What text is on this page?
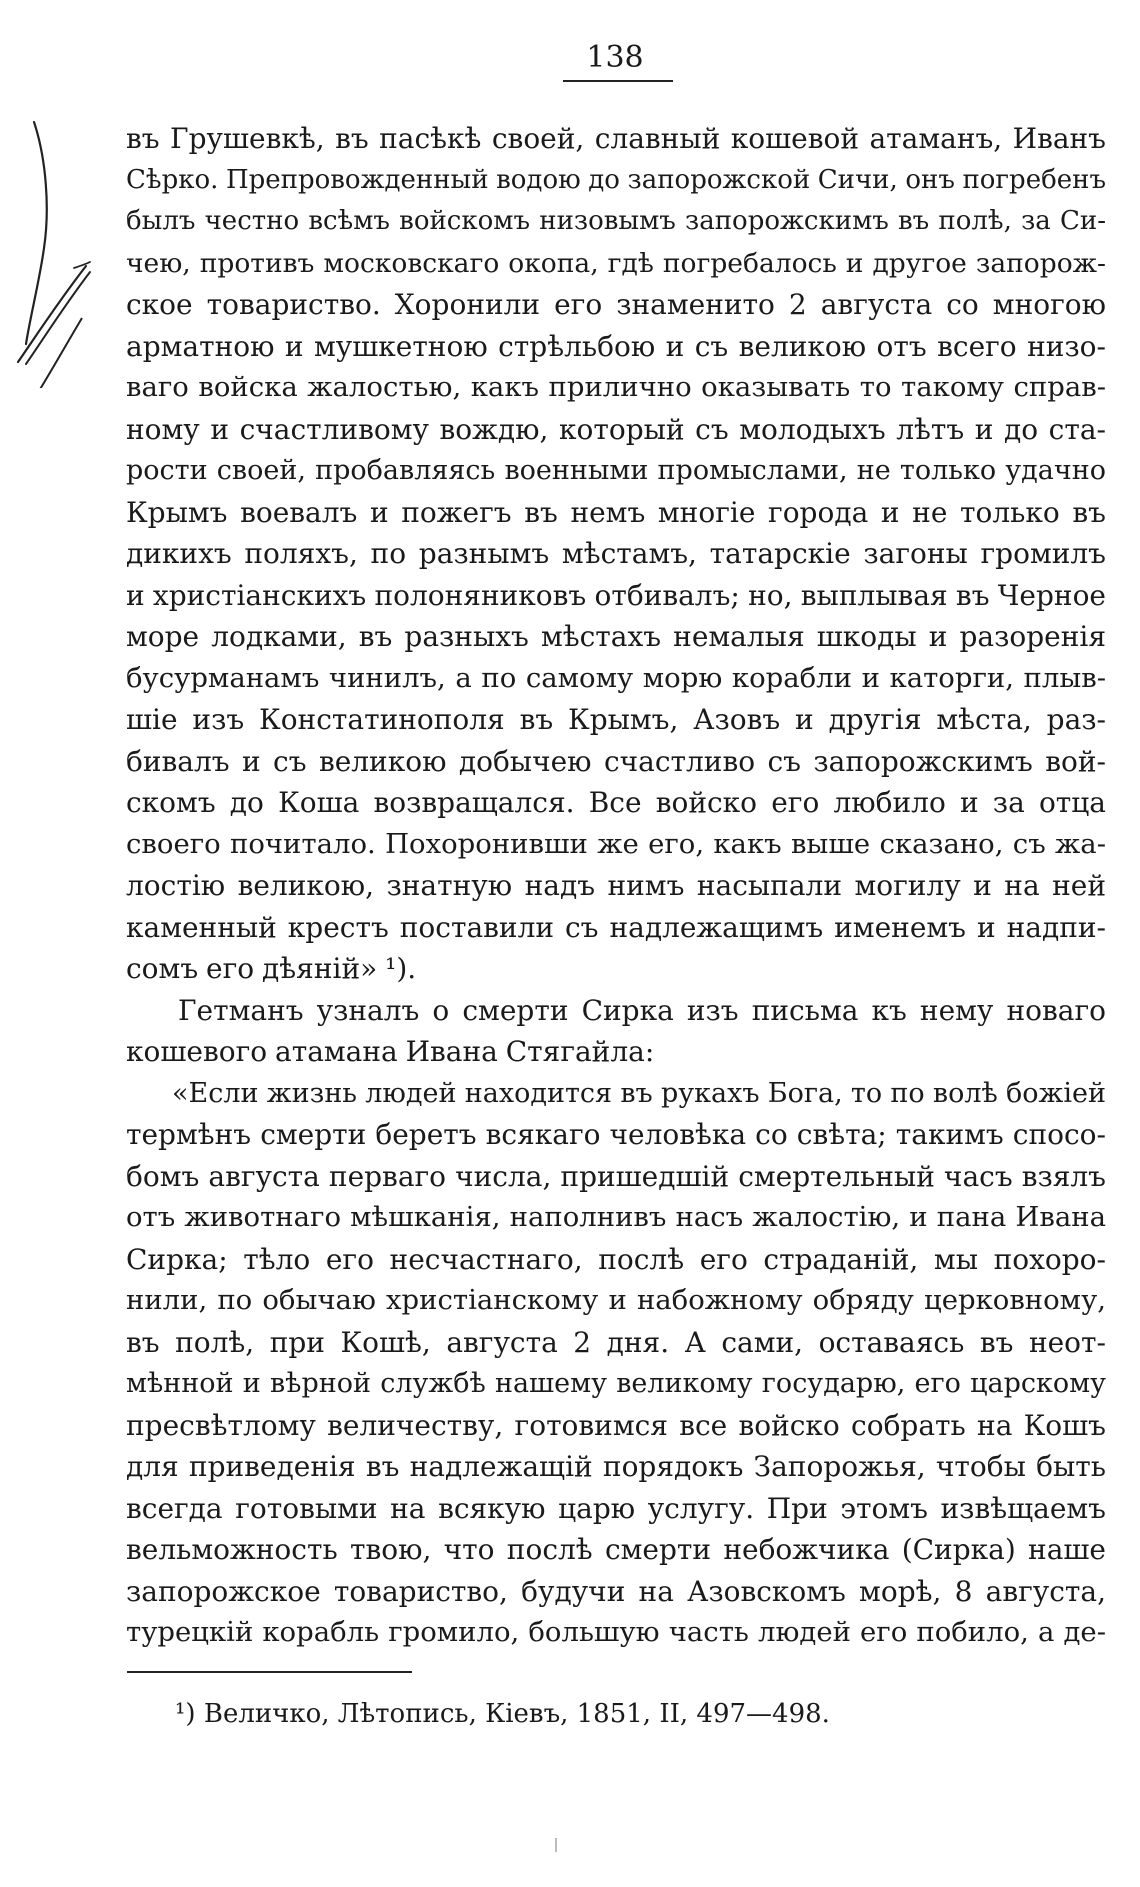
138
въ Грушевкѣ, въ пасѣкѣ своей, славный кошевой атаманъ, Иванъ
Сѣрко. Препровожденный водою до запорожской Сичи, онъ погребенъ
былъ честно всѣмъ войскомъ низовымъ запорожскимъ въ полѣ, за Си-
чею, противъ московскаго окопа, гдѣ погребалось и другое запорож-
ское товариство. Хоронили его знаменито 2 августа со многою
арматною и мушкетною стрѣльбою и съ великою отъ всего низо-
ваго войска жалостью, какъ прилично оказывать то такому справ-
ному и счастливому вождю, который съ молодыхъ лѣтъ и до ста-
рости своей, пробавляясь военными промыслами, не только удачно
Крымъ воевалъ и пожегъ въ немъ многіе города и не только въ
дикихъ поляхъ, по разнымъ мѣстамъ, татарскіе загоны громилъ
и христіанскихъ полоняниковъ отбивалъ; но, выплывая въ Черное
море лодками, въ разныхъ мѣстахъ немалыя шкоды и разоренія
бусурманамъ чинилъ, а по самому морю корабли и каторги, плыв-
шіе изъ Констатинополя въ Крымъ, Азовъ и другія мѣста, раз-
бивалъ и съ великою добычею счастливо съ запорожскимъ вой-
скомъ до Коша возвращался. Все войско его любило и за отца
своего почитало. Похоронивши же его, какъ выше сказано, съ жа-
лостію великою, знатную надъ нимъ насыпали могилу и на ней
каменный крестъ поставили съ надлежащимъ именемъ и надпи-
сомъ его дѣяній» ¹).
Гетманъ узналъ о смерти Сирка изъ письма къ нему новаго
кошевого атамана Ивана Стягайла:
«Если жизнь людей находится въ рукахъ Бога, то по волѣ божіей
термѣнъ смерти беретъ всякаго человѣка со свѣта; такимъ спосо-
бомъ августа перваго числа, пришедшій смертельный часъ взялъ
отъ животнаго мѣшканія, наполнивъ насъ жалостію, и пана Ивана
Сирка; тѣло его несчастнаго, послѣ его страданій, мы похоро-
нили, по обычаю христіанскому и набожному обряду церковному,
въ полѣ, при Кошѣ, августа 2 дня. А сами, оставаясь въ неот-
мѣнной и вѣрной службѣ нашему великому государю, его царскому
пресвѣтлому величеству, готовимся все войско собрать на Кошъ
для приведенія въ надлежащій порядокъ Запорожья, чтобы быть
всегда готовыми на всякую царю услугу. При этомъ извѣщаемъ
вельможность твою, что послѣ смерти небожчика (Сирка) наше
запорожское товариство, будучи на Азовскомъ морѣ, 8 августа,
турецкій корабль громило, большую часть людей его побило, а де-
¹) Величко, Лѣтопись, Кіевъ, 1851, II, 497—498.
